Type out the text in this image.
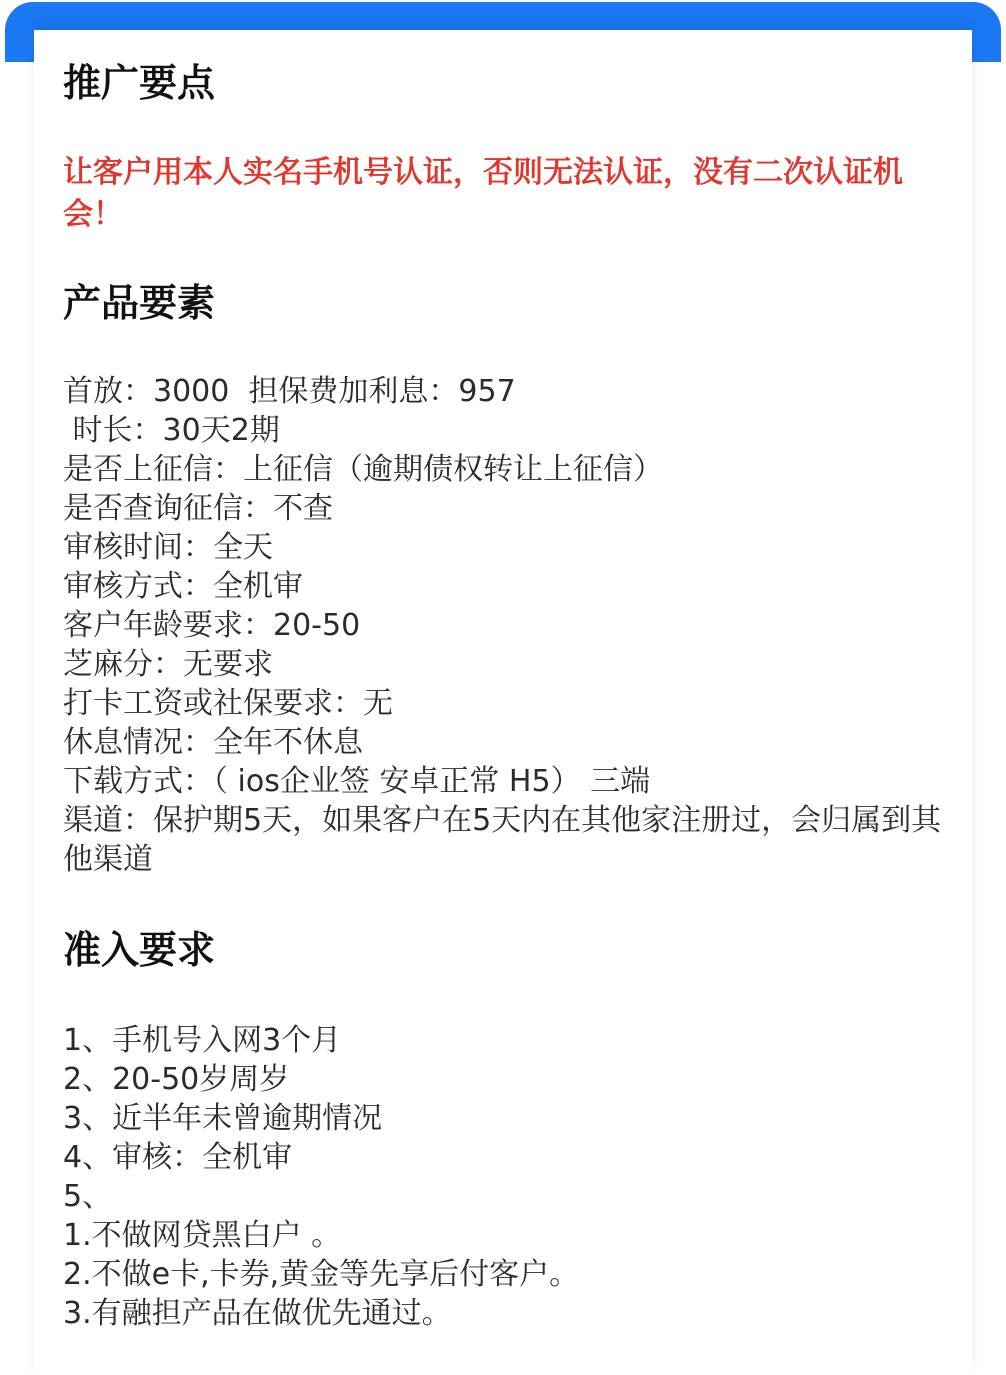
推广要点

让客户用本人实名手机号认证，否则无法认证，没有二次认证机会！

产品要素
首放：3000  担保费加利息：957
时长：30天2期
是否上征信：上征信（逾期债权转让上征信）
是否查询征信：不查
审核时间：全天
审核方式：全机审
客户年龄要求：20-50
芝麻分：无要求
打卡工资或社保要求：无
休息情况：全年不休息
下载方式：（ ios企业签 安卓正常 H5） 三端
渠道：保护期5天，如果客户在5天内在其他家注册过，会归属到其他渠道
准入要求
1、手机号入网3个月
2、20-50岁周岁
3、近半年未曾逾期情况
4、审核：全机审
5、
1.不做网贷黑白户 。
2.不做e卡,卡券,黄金等先享后付客户。
3.有融担产品在做优先通过。
